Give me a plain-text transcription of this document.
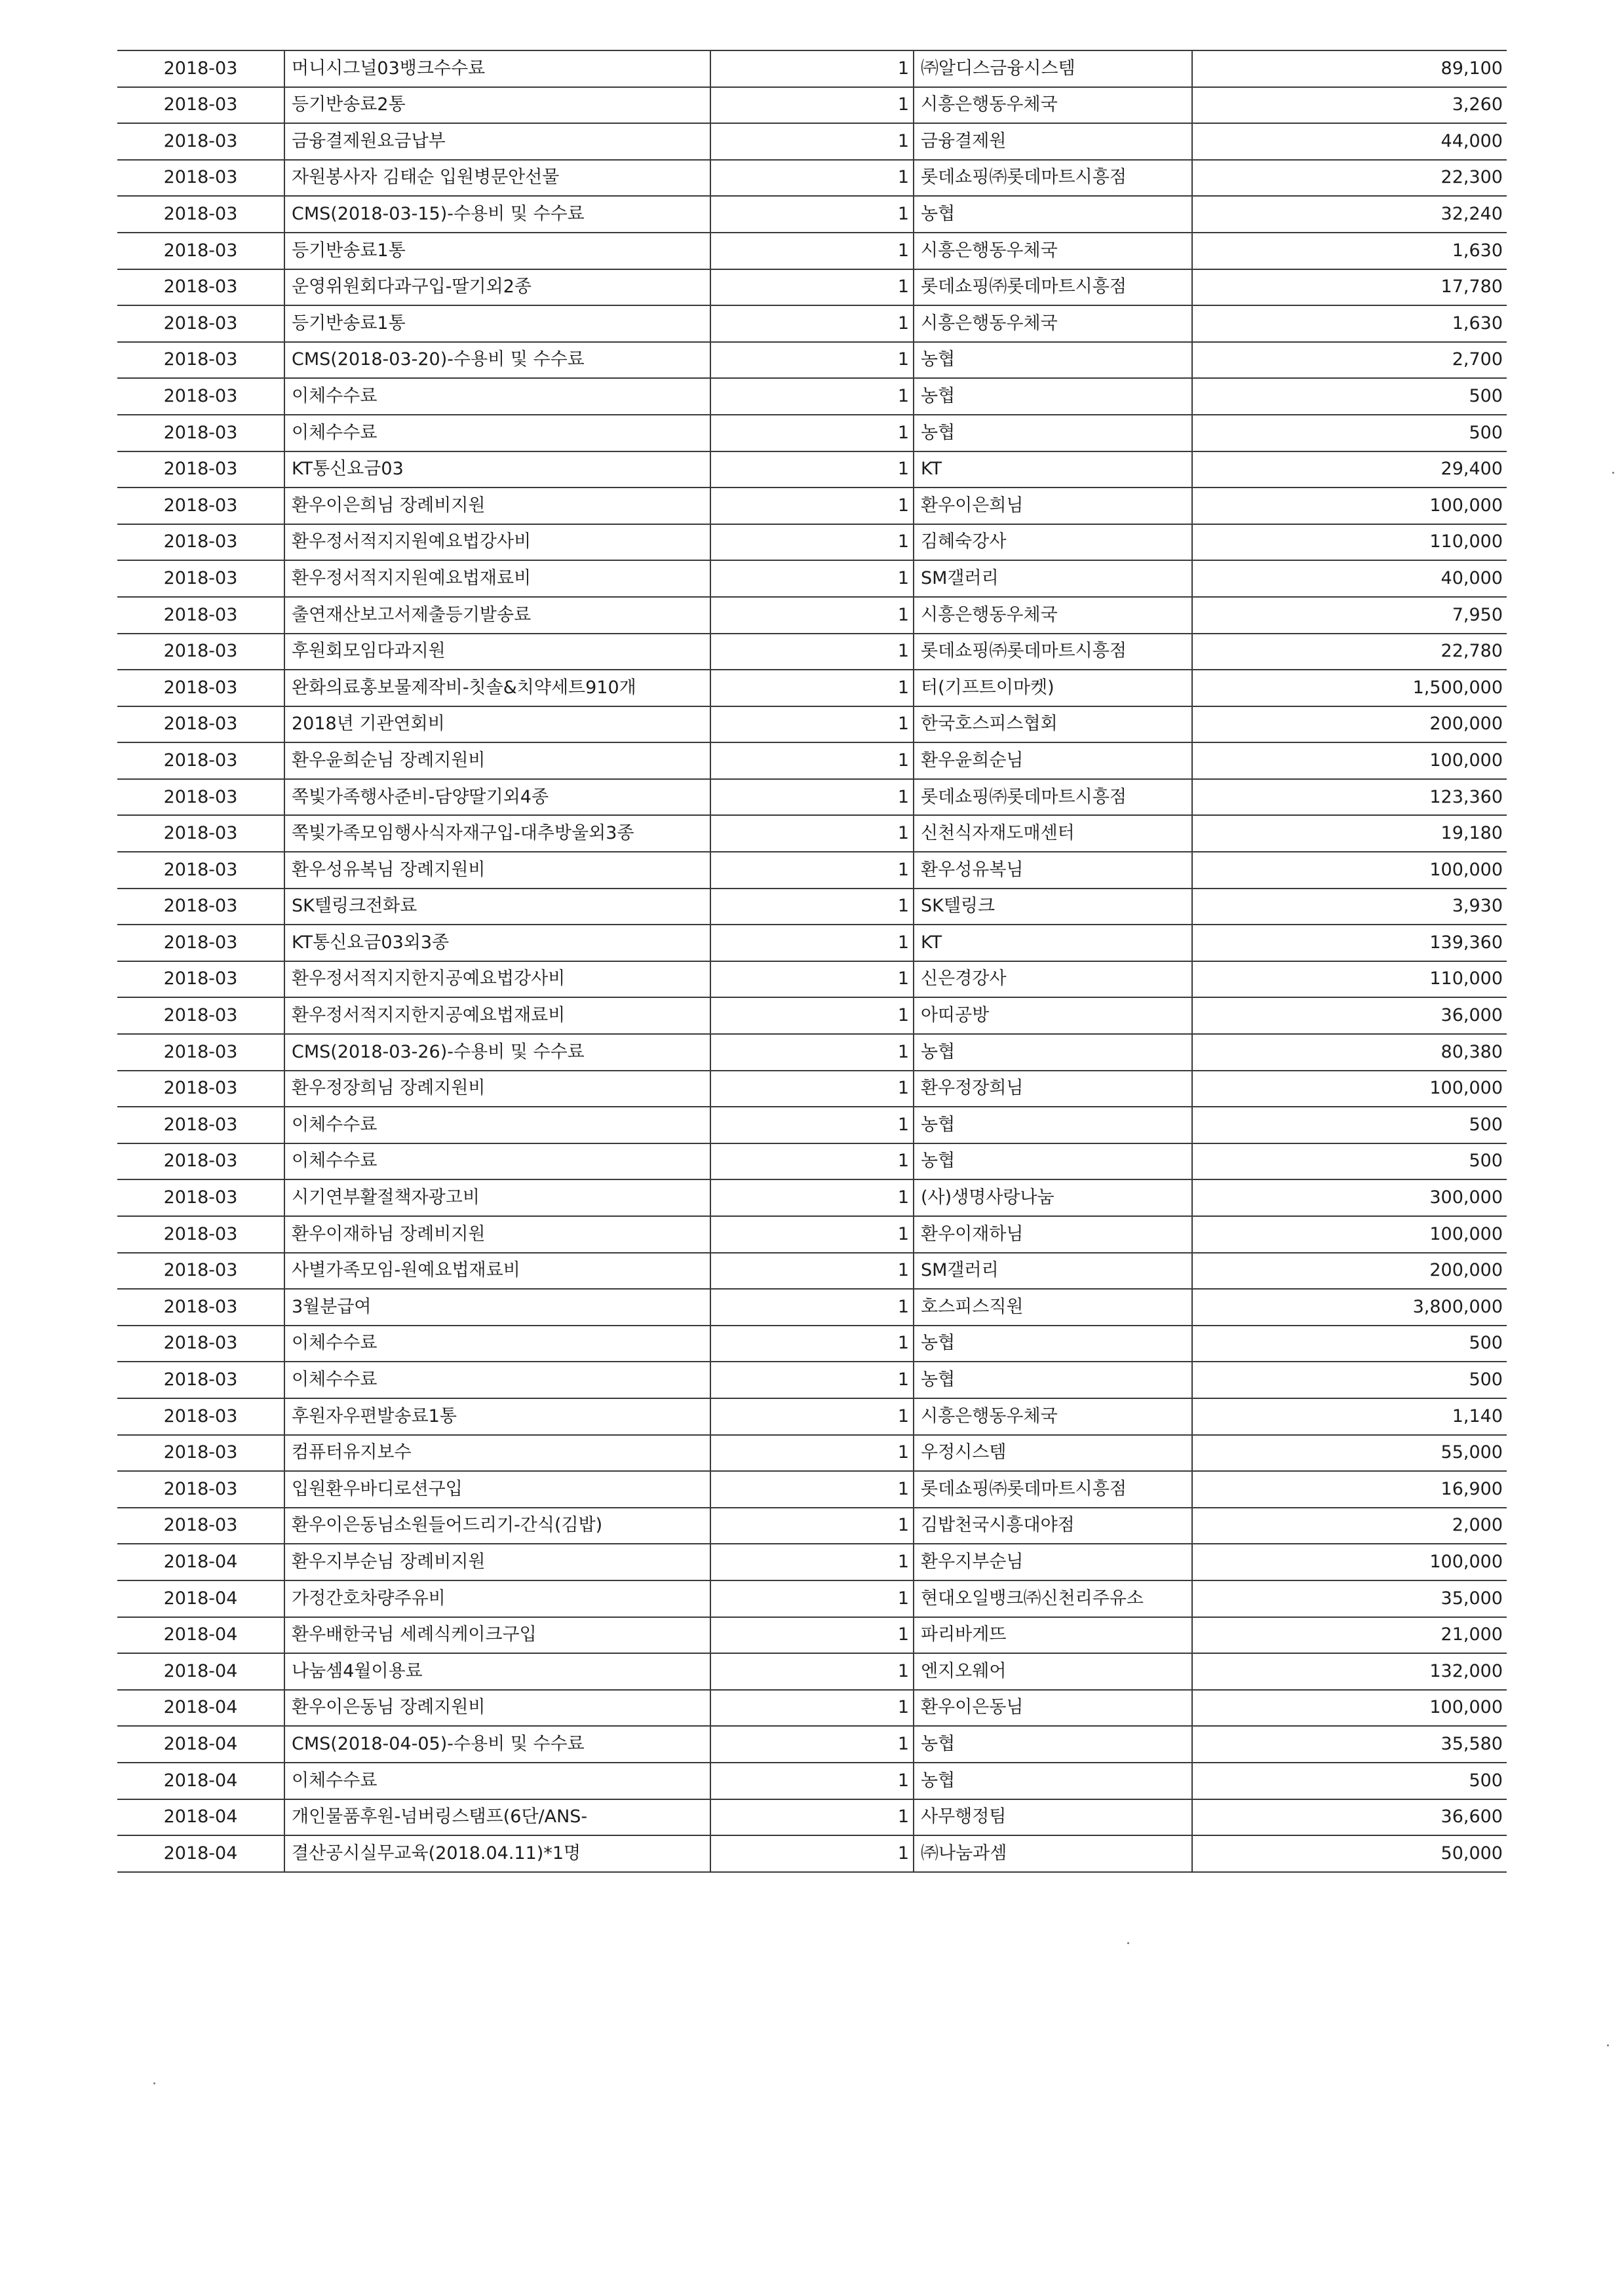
2018-03	머니시그널03뱅크수수료	1	㈜알디스금융시스템	89,100
2018-03	등기반송료2통	1	시흥은행동우체국	3,260
2018-03	금융결제원요금납부	1	금융결제원	44,000
2018-03	자원봉사자 김태순 입원병문안선물	1	롯데쇼핑㈜롯데마트시흥점	22,300
2018-03	CMS(2018-03-15)-수용비 및 수수료	1	농협	32,240
2018-03	등기반송료1통	1	시흥은행동우체국	1,630
2018-03	운영위원회다과구입-딸기외2종	1	롯데쇼핑㈜롯데마트시흥점	17,780
2018-03	등기반송료1통	1	시흥은행동우체국	1,630
2018-03	CMS(2018-03-20)-수용비 및 수수료	1	농협	2,700
2018-03	이체수수료	1	농협	500
2018-03	이체수수료	1	농협	500
2018-03	KT통신요금03	1	KT	29,400
2018-03	환우이은희님 장례비지원	1	환우이은희님	100,000
2018-03	환우정서적지지원예요법강사비	1	김혜숙강사	110,000
2018-03	환우정서적지지원예요법재료비	1	SM갤러리	40,000
2018-03	출연재산보고서제출등기발송료	1	시흥은행동우체국	7,950
2018-03	후원회모임다과지원	1	롯데쇼핑㈜롯데마트시흥점	22,780
2018-03	완화의료홍보물제작비-칫솔&치약세트910개	1	터(기프트이마켓)	1,500,000
2018-03	2018년 기관연회비	1	한국호스피스협회	200,000
2018-03	환우윤희순님 장례지원비	1	환우윤희순님	100,000
2018-03	쪽빛가족행사준비-담양딸기외4종	1	롯데쇼핑㈜롯데마트시흥점	123,360
2018-03	쪽빛가족모임행사식자재구입-대추방울외3종	1	신천식자재도매센터	19,180
2018-03	환우성유복님 장례지원비	1	환우성유복님	100,000
2018-03	SK텔링크전화료	1	SK텔링크	3,930
2018-03	KT통신요금03외3종	1	KT	139,360
2018-03	환우정서적지지한지공예요법강사비	1	신은경강사	110,000
2018-03	환우정서적지지한지공예요법재료비	1	아띠공방	36,000
2018-03	CMS(2018-03-26)-수용비 및 수수료	1	농협	80,380
2018-03	환우정장희님 장례지원비	1	환우정장희님	100,000
2018-03	이체수수료	1	농협	500
2018-03	이체수수료	1	농협	500
2018-03	시기연부활절책자광고비	1	(사)생명사랑나눔	300,000
2018-03	환우이재하님 장례비지원	1	환우이재하님	100,000
2018-03	사별가족모임-원예요법재료비	1	SM갤러리	200,000
2018-03	3월분급여	1	호스피스직원	3,800,000
2018-03	이체수수료	1	농협	500
2018-03	이체수수료	1	농협	500
2018-03	후원자우편발송료1통	1	시흥은행동우체국	1,140
2018-03	컴퓨터유지보수	1	우정시스템	55,000
2018-03	입원환우바디로션구입	1	롯데쇼핑㈜롯데마트시흥점	16,900
2018-03	환우이은동님소원들어드리기-간식(김밥)	1	김밥천국시흥대야점	2,000
2018-04	환우지부순님 장례비지원	1	환우지부순님	100,000
2018-04	가정간호차량주유비	1	현대오일뱅크㈜신천리주유소	35,000
2018-04	환우배한국님 세례식케이크구입	1	파리바게뜨	21,000
2018-04	나눔셈4월이용료	1	엔지오웨어	132,000
2018-04	환우이은동님 장례지원비	1	환우이은동님	100,000
2018-04	CMS(2018-04-05)-수용비 및 수수료	1	농협	35,580
2018-04	이체수수료	1	농협	500
2018-04	개인물품후원-넘버링스탬프(6단/ANS-	1	사무행정팀	36,600
2018-04	결산공시실무교육(2018.04.11)*1명	1	㈜나눔과셈	50,000
